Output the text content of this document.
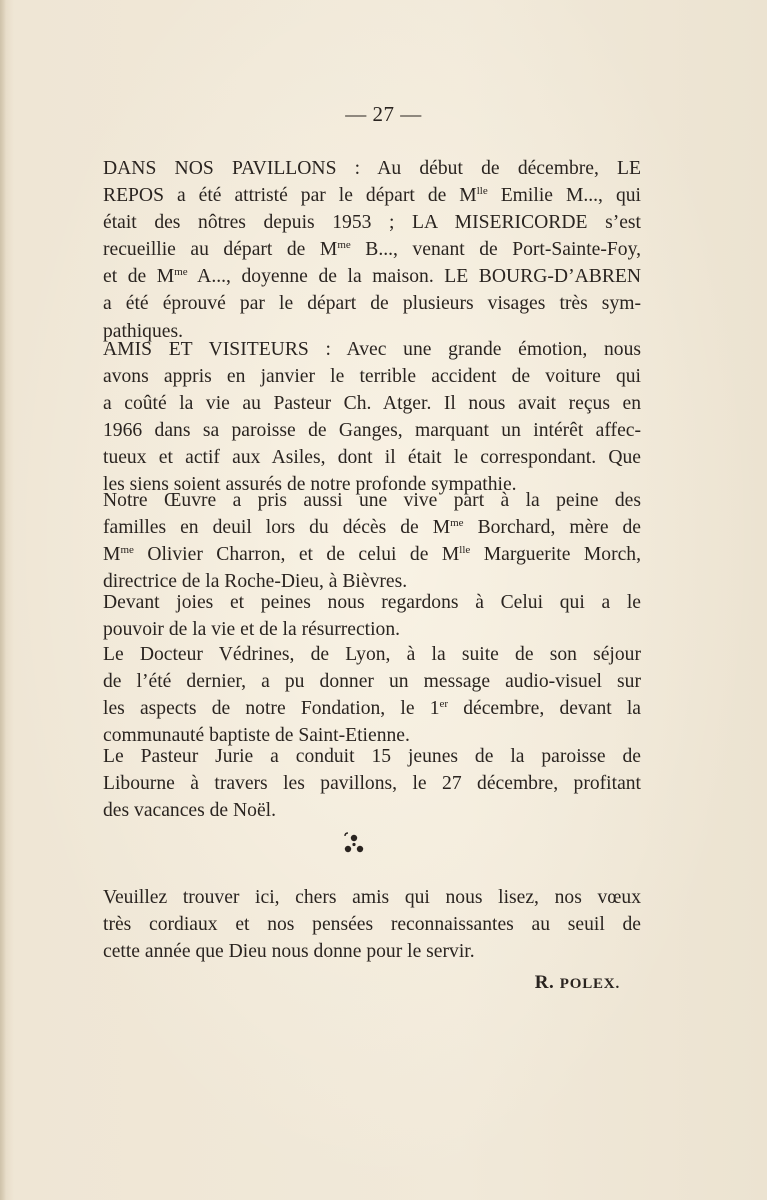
— 27 —
DANS NOS PAVILLONS : Au début de décembre, LE
REPOS a été attristé par le départ de $M^{lle}$ Emilie M..., qui
était des nôtres depuis 1953 ; LA MISERICORDE s’est
recueillie au départ de $M^{me}$ B..., venant de Port-Sainte-Foy,
et de $M^{me}$ A..., doyenne de la maison. LE BOURG-D’ABREN
a été éprouvé par le départ de plusieurs visages très sym-
pathiques.
AMIS ET VISITEURS : Avec une grande émotion, nous
avons appris en janvier le terrible accident de voiture qui
a coûté la vie au Pasteur Ch. Atger. Il nous avait reçus en
1966 dans sa paroisse de Ganges, marquant un intérêt affec-
tueux et actif aux Asiles, dont il était le correspondant. Que
les siens soient assurés de notre profonde sympathie.
Notre Œuvre a pris aussi une vive part à la peine des
familles en deuil lors du décès de $M^{me}$ Borchard, mère de
$M^{me}$ Olivier Charron, et de celui de $M^{lle}$ Marguerite Morch,
directrice de la Roche-Dieu, à Bièvres.
Devant joies et peines nous regardons à Celui qui a le
pouvoir de la vie et de la résurrection.
Le Docteur Védrines, de Lyon, à la suite de son séjour
de l’été dernier, a pu donner un message audio-visuel sur
les aspects de notre Fondation, le 1er décembre, devant la
communauté baptiste de Saint-Etienne.
Le Pasteur Jurie a conduit 15 jeunes de la paroisse de
Libourne à travers les pavillons, le 27 décembre, profitant
des vacances de Noël.
Veuillez trouver ici, chers amis qui nous lisez, nos vœux
très cordiaux et nos pensées reconnaissantes au seuil de
cette année que Dieu nous donne pour le servir.
R. POLEX.
